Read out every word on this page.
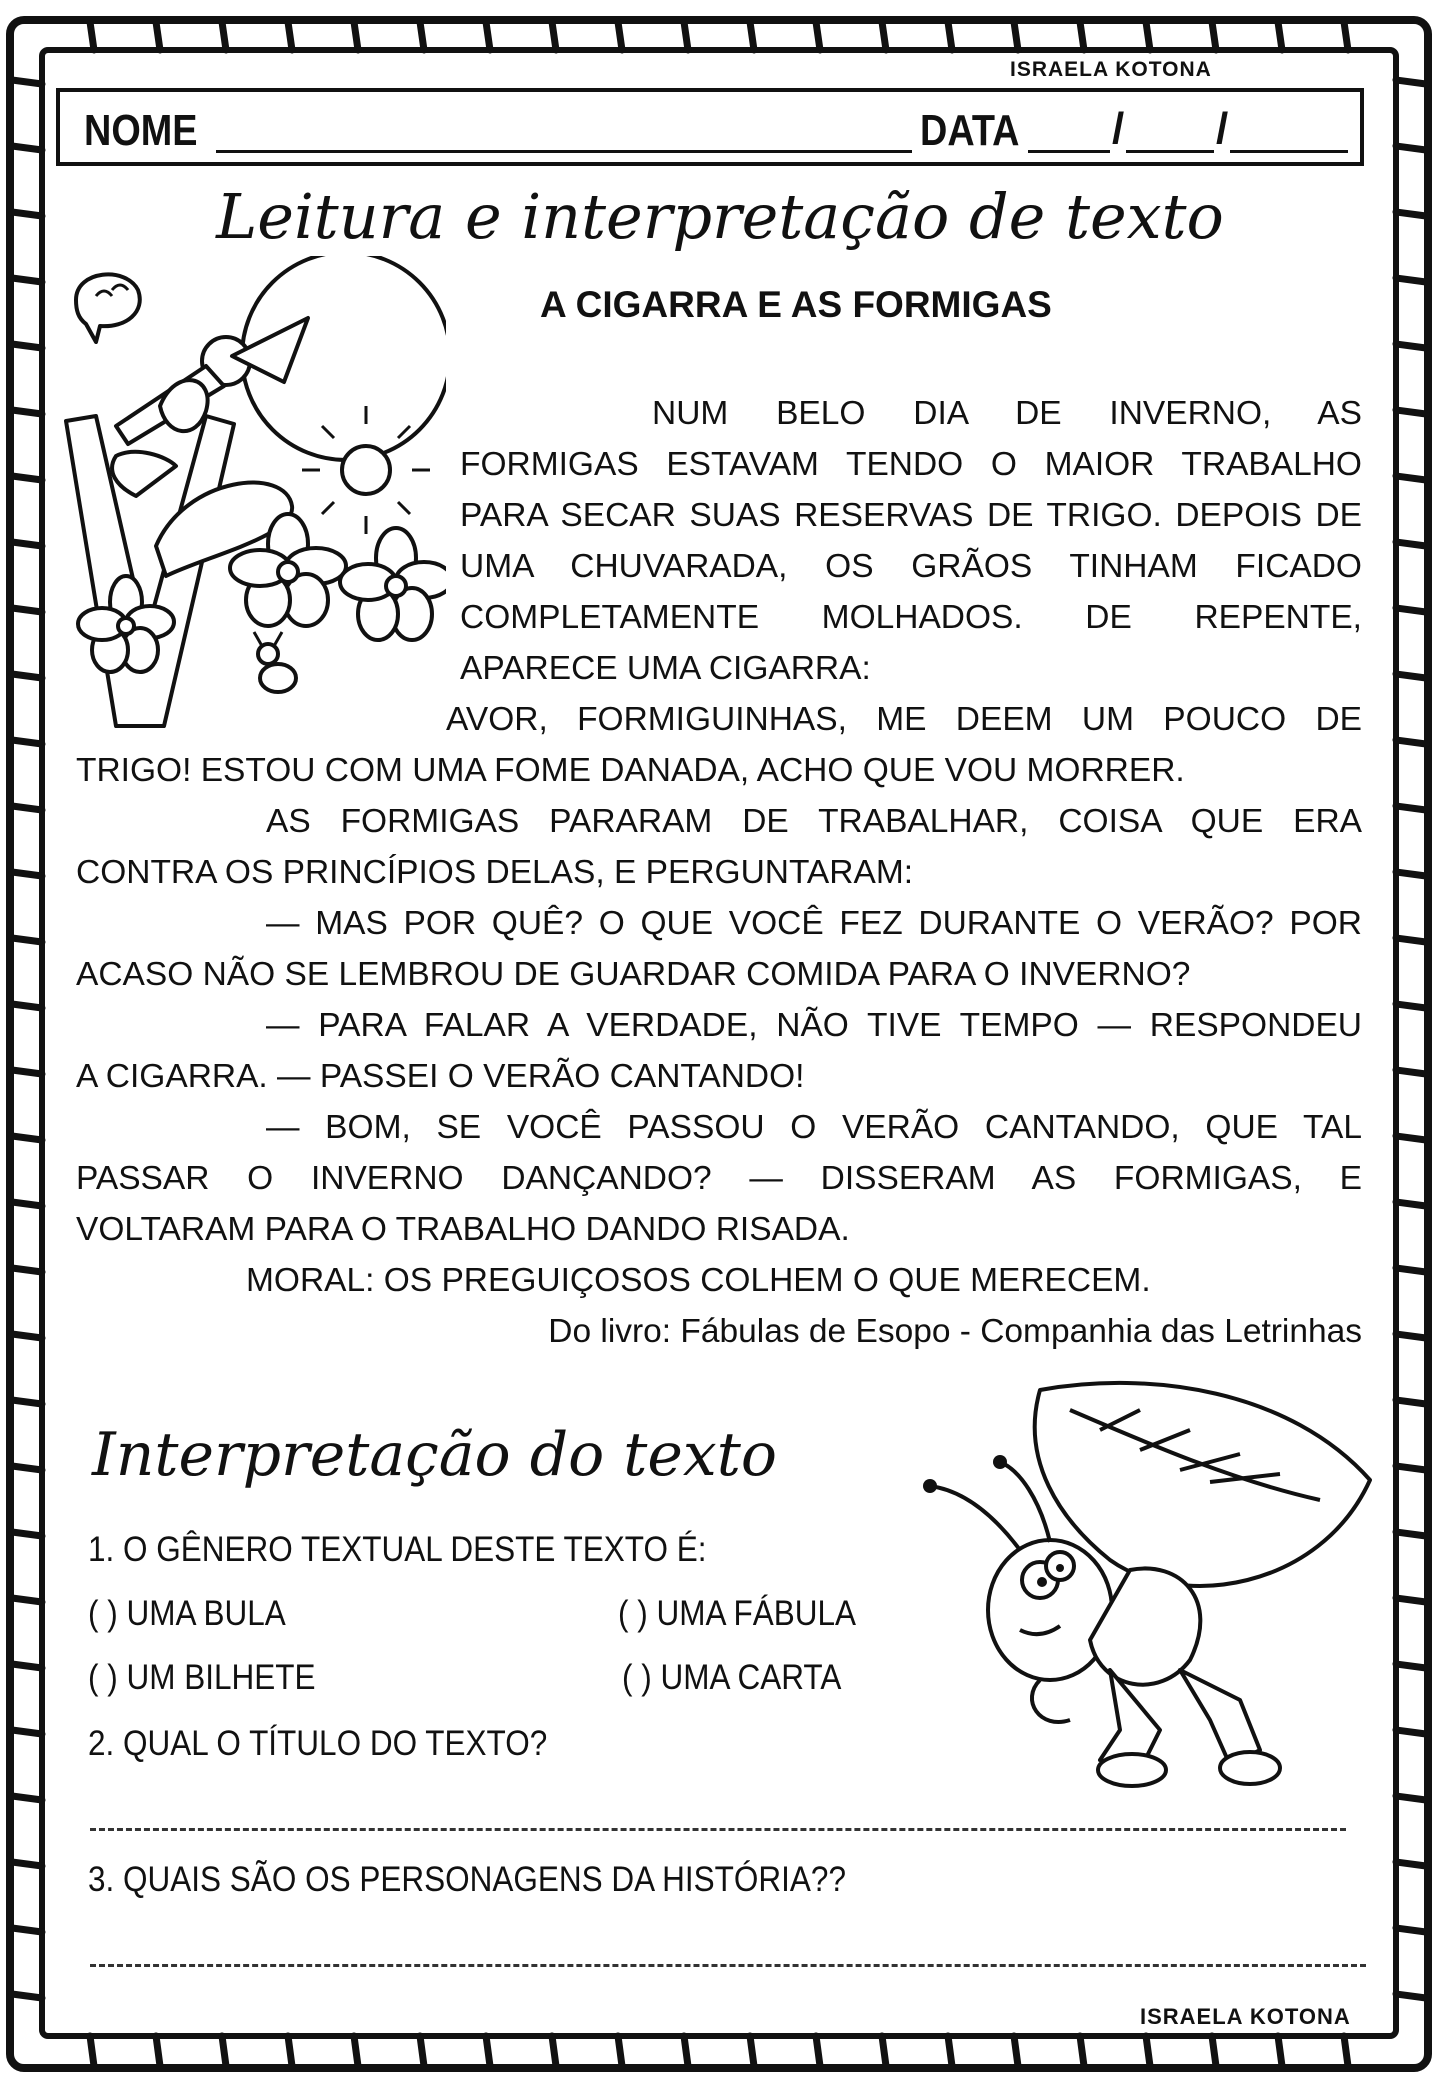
ISRAELA KOTONA
NOME	DATA / /
Leitura e interpretação de texto
A CIGARRA E AS FORMIGAS
NUM BELO DIA DE INVERNO, AS
FORMIGAS ESTAVAM TENDO O MAIOR TRABALHO
PARA SECAR SUAS RESERVAS DE TRIGO. DEPOIS DE
UMA CHUVARADA, OS GRÃOS TINHAM FICADO
COMPLETAMENTE MOLHADOS. DE REPENTE,
APARECE UMA CIGARRA:
AVOR, FORMIGUINHAS, ME DEEM UM POUCO DE
TRIGO! ESTOU COM UMA FOME DANADA, ACHO QUE VOU MORRER.
AS FORMIGAS PARARAM DE TRABALHAR, COISA QUE ERA
CONTRA OS PRINCÍPIOS DELAS, E PERGUNTARAM:
— MAS POR QUÊ? O QUE VOCÊ FEZ DURANTE O VERÃO? POR
ACASO NÃO SE LEMBROU DE GUARDAR COMIDA PARA O INVERNO?
— PARA FALAR A VERDADE, NÃO TIVE TEMPO — RESPONDEU
A CIGARRA. — PASSEI O VERÃO CANTANDO!
— BOM, SE VOCÊ PASSOU O VERÃO CANTANDO, QUE TAL
PASSAR O INVERNO DANÇANDO? — DISSERAM AS FORMIGAS, E
VOLTARAM PARA O TRABALHO DANDO RISADA.
MORAL: OS PREGUIÇOSOS COLHEM O QUE MERECEM.
Do livro: Fábulas de Esopo - Companhia das Letrinhas
Interpretação do texto
1. O GÊNERO TEXTUAL DESTE TEXTO É:
( ) UMA BULA	( ) UMA FÁBULA
( ) UM BILHETE	( ) UMA CARTA
2. QUAL O TÍTULO DO TEXTO?
3. QUAIS SÃO OS PERSONAGENS DA HISTÓRIA??
ISRAELA KOTONA
